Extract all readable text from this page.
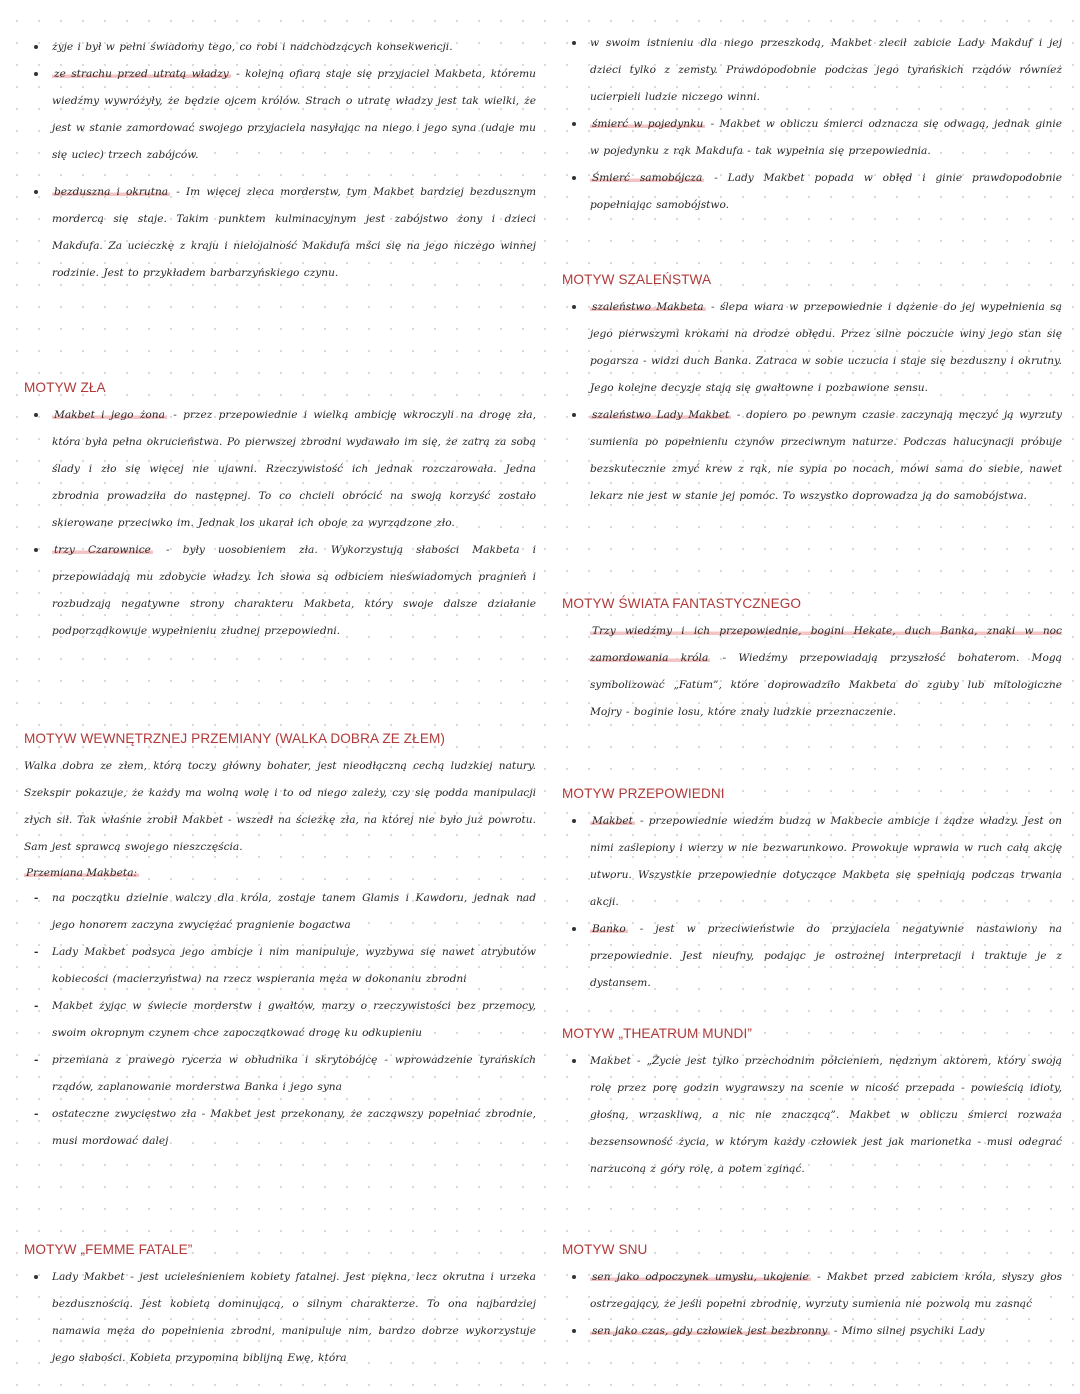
żyje i był w pełni świadomy tego, co robi i nadchodzących konsekwencji.
ze strachu przed utratą władzy - kolejną ofiarą staje się przyjaciel Makbeta, któremu wiedźmy wywróżyły, że będzie ojcem królów. Strach o utratę władzy jest tak wielki, że jest w stanie zamordować swojego przyjaciela nasyłając na niego i jego syna (udaje mu się uciec) trzech zabójców.
bezduszna i okrutna - Im więcej zleca morderstw, tym Makbet bardziej bezdusznym mordercą się staje. Takim punktem kulminacyjnym jest zabójstwo żony i dzieci Makdufa. Za ucieczkę z kraju i nielojalność Makdufa mści się na jego niczego winnej rodzinie. Jest to przykładem barbarzyńskiego czynu.
MOTYW ZŁA
Makbet i jego żona - przez przepowiednie i wielką ambicję wkroczyli na drogę zła, która była pełna okrucieństwa. Po pierwszej zbrodni wydawało im się, że zatrą za sobą ślady i zło się więcej nie ujawni. Rzeczywistość ich jednak rozczarowała. Jedna zbrodnia prowadziła do następnej. To co chcieli obrócić na swoją korzyść zostało skierowane przeciwko im. Jednak los ukarał ich oboje za wyrządzone zło.
trzy Czarownice - były uosobieniem zła. Wykorzystują słabości Makbeta i przepowiadają mu zdobycie władzy. Ich słowa są odbiciem nieświadomych pragnień i rozbudzają negatywne strony charakteru Makbeta, który swoje dalsze działanie podporządkowuje wypełnieniu złudnej przepowiedni.
MOTYW WEWNĘTRZNEJ PRZEMIANY (WALKA DOBRA ZE ZŁEM)

Walka dobra ze złem, którą toczy główny bohater, jest nieodłączną cechą ludzkiej natury. Szekspir pokazuje, że każdy ma wolną wolę i to od niego zależy, czy się podda manipulacji złych sił. Tak właśnie zrobił Makbet - wszedł na ścieżkę zła, na której nie było już powrotu. Sam jest sprawcą swojego nieszczęścia.

Przemiana Makbeta:

- na początku dzielnie walczy dla króla, zostaje tanem Glamis i Kawdoru, jednak nad jego honorem zaczyna zwyciężać pragnienie bogactwa
- Lady Makbet podsyca jego ambicje i nim manipuluje, wyzbywa się nawet atrybutów kobiecości (macierzyństwa) na rzecz wspierania męża w dokonaniu zbrodni
- Makbet żyjąc w świecie morderstw i gwałtów, marzy o rzeczywistości bez przemocy, swoim okropnym czynem chce zapoczątkować drogę ku odkupieniu
- przemiana z prawego rycerza w obłudnika i skrytobójcę - wprowadzenie tyrańskich rządów, zaplanowanie morderstwa Banka i jego syna
- ostateczne zwycięstwo zła - Makbet jest przekonany, że zacząwszy popełniać zbrodnie, musi mordować dalej
MOTYW „FEMME FATALE”
Lady Makbet - jest ucieleśnieniem kobiety fatalnej. Jest piękna, lecz okrutna i urzeka bezdusznością. Jest kobietą dominującą, o silnym charakterze. To ona najbardziej namawia męża do popełnienia zbrodni, manipuluje nim, bardzo dobrze wykorzystuje jego słabości. Kobieta przypomina biblijną Ewę, która
w swoim istnieniu dla niego przeszkodą, Makbet zlecił zabicie Lady Makduf i jej dzieci tylko z zemsty. Prawdopodobnie podczas jego tyrańskich rządów również ucierpieli ludzie niczego winni.
śmierć w pojedynku - Makbet w obliczu śmierci odznacza się odwagą, jednak ginie w pojedynku z rąk Makdufa - tak wypełnia się przepowiednia.
Śmierć samobójcza - Lady Makbet popada w obłęd i ginie prawdopodobnie popełniając samobójstwo.
MOTYW SZALEŃSTWA
szaleństwo Makbeta - ślepa wiara w przepowiednie i dążenie do jej wypełnienia są jego pierwszymi krokami na drodze obłędu. Przez silne poczucie winy jego stan się pogarsza - widzi duch Banka. Zatraca w sobie uczucia i staje się bezduszny i okrutny. Jego kolejne decyzje stają się gwałtowne i pozbawione sensu.
szaleństwo Lady Makbet - dopiero po pewnym czasie zaczynają męczyć ją wyrzuty sumienia po popełnieniu czynów przeciwnym naturze. Podczas halucynacji próbuje bezskutecznie zmyć krew z rąk, nie sypia po nocach, mówi sama do siebie, nawet lekarz nie jest w stanie jej pomóc. To wszystko doprowadza ją do samobójstwa.
MOTYW ŚWIATA FANTASTYCZNEGO

Trzy wiedźmy i ich przepowiednie, bogini Hekate, duch Banka, znaki w noc zamordowania króla - Wiedźmy przepowiadają przyszłość bohaterom. Mogą symbolizować „Fatum”, które doprowadziło Makbeta do zguby lub mitologiczne Mojry - boginie losu, które znały ludzkie przeznaczenie.

MOTYW PRZEPOWIEDNI
Makbet - przepowiednie wiedźm budzą w Makbecie ambicje i żądze władzy. Jest on nimi zaślepiony i wierzy w nie bezwarunkowo. Prowokuje wprawia w ruch całą akcję utworu. Wszystkie przepowiednie dotyczące Makbeta się spełniają podczas trwania akcji.
Banko - jest w przeciwieństwie do przyjaciela negatywnie nastawiony na przepowiednie. Jest nieufny, podając je ostrożnej interpretacji i traktuje je z dystansem.
MOTYW „THEATRUM MUNDI”
Makbet - „Życie jest tylko przechodnim półcieniem, nędznym aktorem, który swoją rolę przez porę godzin wygrawszy na scenie w nicość przepada - powieścią idioty, głośną, wrzaskliwą, a nic nie znaczącą”. Makbet w obliczu śmierci rozważa bezsensowność życia, w którym każdy człowiek jest jak marionetka - musi odegrać narzuconą z góry rolę, a potem zginąć.
MOTYW SNU
sen jako odpoczynek umysłu, ukojenie - Makbet przed zabiciem króla, słyszy głos ostrzegający, że jeśli popełni zbrodnię, wyrzuty sumienia nie pozwolą mu zasnąć
sen jako czas, gdy człowiek jest bezbronny - Mimo silnej psychiki Lady
